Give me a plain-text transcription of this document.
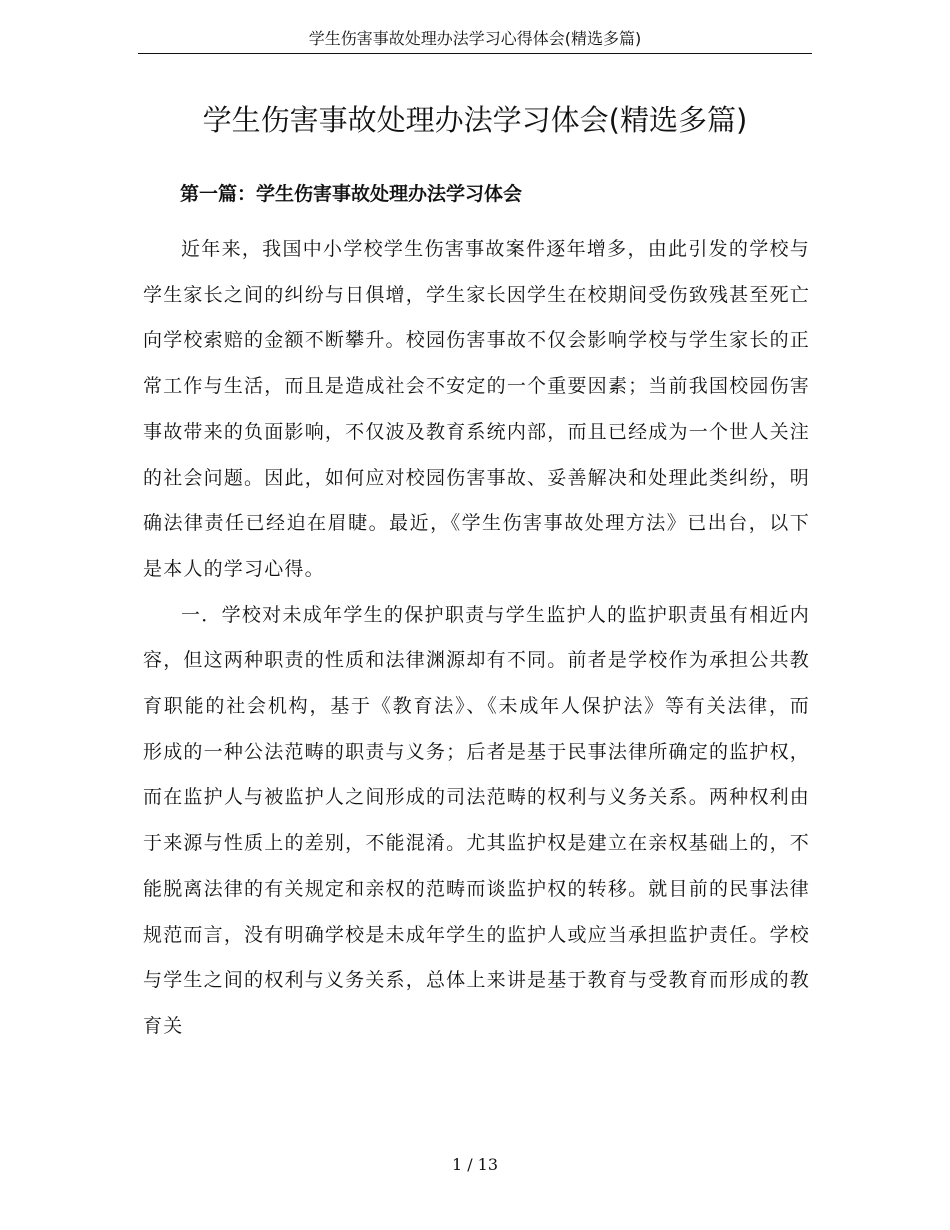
学生伤害事故处理办法学习心得体会(精选多篇)
学生伤害事故处理办法学习体会(精选多篇)
第一篇：学生伤害事故处理办法学习体会

近年来，我国中小学校学生伤害事故案件逐年增多，由此引发的学校与学生家长之间的纠纷与日俱增，学生家长因学生在校期间受伤致残甚至死亡向学校索赔的金额不断攀升。校园伤害事故不仅会影响学校与学生家长的正常工作与生活，而且是造成社会不安定的一个重要因素；当前我国校园伤害事故带来的负面影响，不仅波及教育系统内部，而且已经成为一个世人关注的社会问题。因此，如何应对校园伤害事故、妥善解决和处理此类纠纷，明确法律责任已经迫在眉睫。最近，《学生伤害事故处理方法》已出台，以下是本人的学习心得。

一．学校对未成年学生的保护职责与学生监护人的监护职责虽有相近内容，但这两种职责的性质和法律渊源却有不同。前者是学校作为承担公共教育职能的社会机构，基于《教育法》、《未成年人保护法》等有关法律，而形成的一种公法范畴的职责与义务；后者是基于民事法律所确定的监护权，而在监护人与被监护人之间形成的司法范畴的权利与义务关系。两种权利由于来源与性质上的差别，不能混淆。尤其监护权是建立在亲权基础上的，不能脱离法律的有关规定和亲权的范畴而谈监护权的转移。就目前的民事法律规范而言，没有明确学校是未成年学生的监护人或应当承担监护责任。学校与学生之间的权利与义务关系，总体上来讲是基于教育与受教育而形成的教育关

1 / 13
